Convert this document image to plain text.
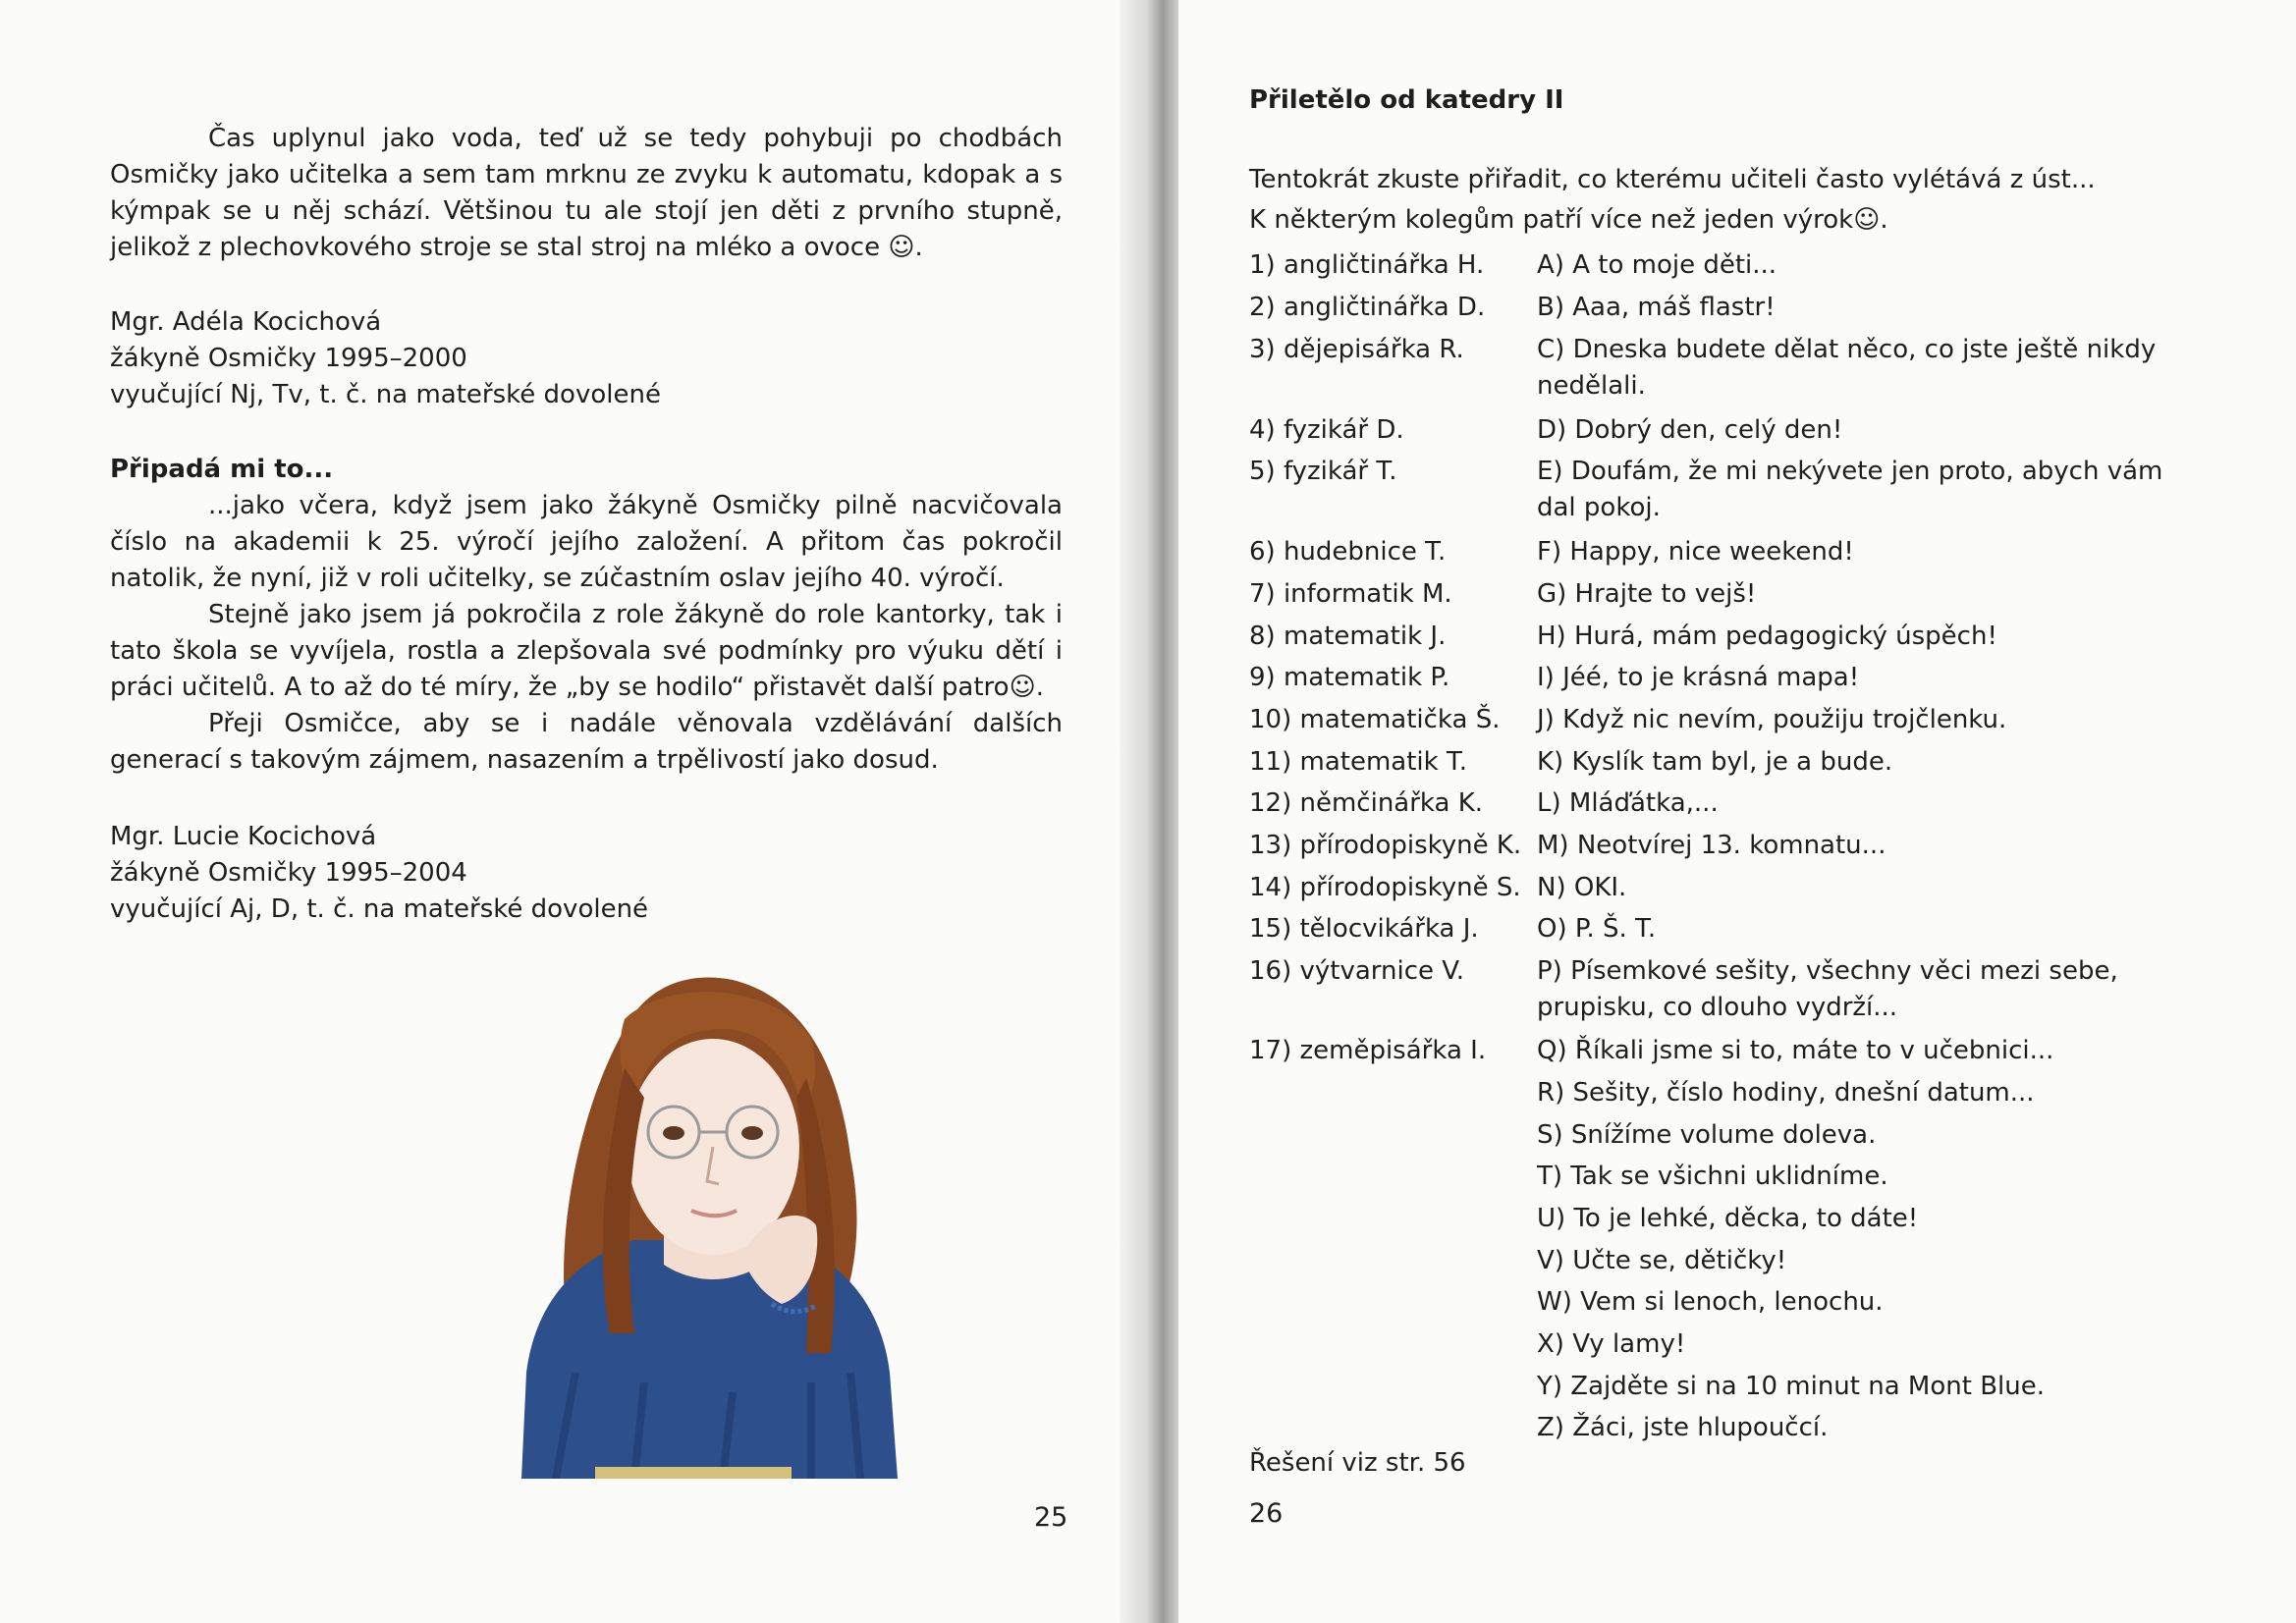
Čas uplynul jako voda, teď už se tedy pohybuji po chodbách Osmičky jako učitelka a sem tam mrknu ze zvyku k automatu, kdopak a s kýmpak se u něj schází. Většinou tu ale stojí jen děti z prvního stupně, jelikož z plechovkového stroje se stal stroj na mléko a ovoce ☺.

Mgr. Adéla Kocichová
žákyně Osmičky 1995–2000
vyučující Nj, Tv, t. č. na mateřské dovolené
Připadá mi to...

...jako včera, když jsem jako žákyně Osmičky pilně nacvičovala číslo na akademii k 25. výročí jejího založení. A přitom čas pokročil natolik, že nyní, již v roli učitelky, se zúčastním oslav jejího 40. výročí.

Stejně jako jsem já pokročila z role žákyně do role kantorky, tak i tato škola se vyvíjela, rostla a zlepšovala své podmínky pro výuku dětí i práci učitelů. A to až do té míry, že „by se hodilo“ přistavět další patro☺.

Přeji Osmičce, aby se i nadále věnovala vzdělávání dalších generací s takovým zájmem, nasazením a trpělivostí jako dosud.

Mgr. Lucie Kocichová
žákyně Osmičky 1995–2004
vyučující Aj, D, t. č. na mateřské dovolené
25
Přiletělo od katedry II
Tentokrát zkuste přiřadit, co kterému učiteli často vylétává z úst...
K některým kolegům patří více než jeden výrok☺.
1) angličtinářka H.
2) angličtinářka D.
3) dějepisářka R.
4) fyzikář D.
5) fyzikář T.
6) hudebnice T.
7) informatik M.
8) matematik J.
9) matematik P.
10) matematička Š.
11) matematik T.
12) němčinářka K.
13) přírodopiskyně K.
14) přírodopiskyně S.
15) tělocvikářka J.
16) výtvarnice V.
17) zeměpisářka I.
A) A to moje děti...
B) Aaa, máš flastr!
C) Dneska budete dělat něco, co jste ještě nikdy nedělali.
D) Dobrý den, celý den!
E) Doufám, že mi nekývete jen proto, abych vám dal pokoj.
F) Happy, nice weekend!
G) Hrajte to vejš!
H) Hurá, mám pedagogický úspěch!
I) Jéé, to je krásná mapa!
J) Když nic nevím, použiju trojčlenku.
K) Kyslík tam byl, je a bude.
L) Mláďátka,...
M) Neotvírej 13. komnatu...
N) OKI.
O) P. Š. T.
P) Písemkové sešity, všechny věci mezi sebe, prupisku, co dlouho vydrží...
Q) Říkali jsme si to, máte to v učebnici...
R) Sešity, číslo hodiny, dnešní datum...
S) Snížíme volume doleva.
T) Tak se všichni uklidníme.
U) To je lehké, děcka, to dáte!
V) Učte se, dětičky!
W) Vem si lenoch, lenochu.
X) Vy lamy!
Y) Zajděte si na 10 minut na Mont Blue.
Z) Žáci, jste hlupoučcí.
Řešení viz str. 56
26
